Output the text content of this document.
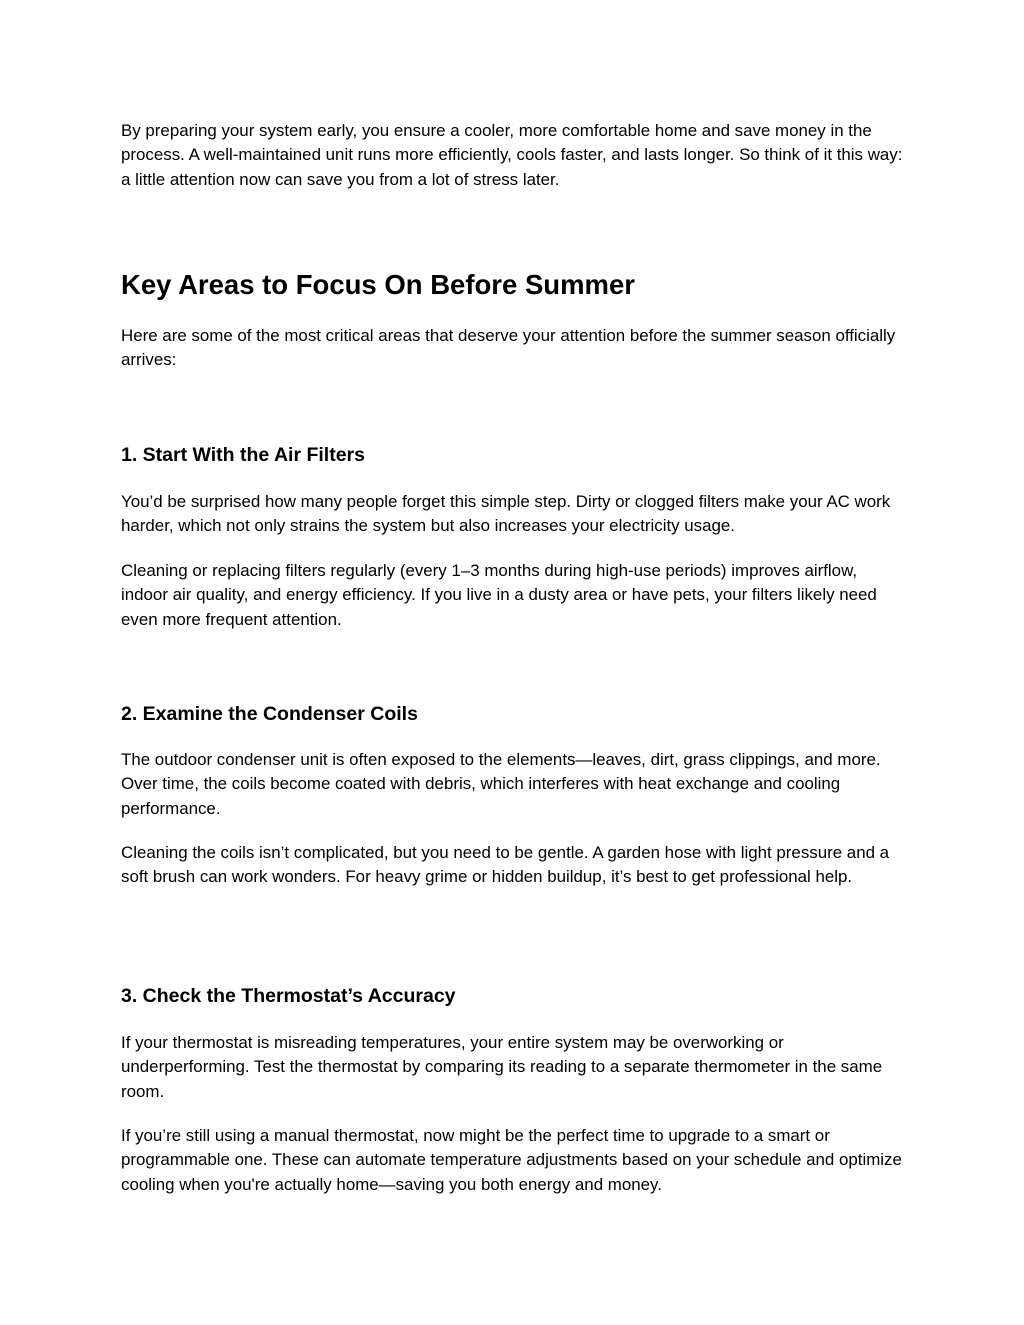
By preparing your system early, you ensure a cooler, more comfortable home and save money in the process. A well-maintained unit runs more efficiently, cools faster, and lasts longer. So think of it this way: a little attention now can save you from a lot of stress later.

Key Areas to Focus On Before Summer

Here are some of the most critical areas that deserve your attention before the summer season officially arrives:

1. Start With the Air Filters

You’d be surprised how many people forget this simple step. Dirty or clogged filters make your AC work harder, which not only strains the system but also increases your electricity usage.

Cleaning or replacing filters regularly (every 1–3 months during high-use periods) improves airflow, indoor air quality, and energy efficiency. If you live in a dusty area or have pets, your filters likely need even more frequent attention.

2. Examine the Condenser Coils

The outdoor condenser unit is often exposed to the elements—leaves, dirt, grass clippings, and more. Over time, the coils become coated with debris, which interferes with heat exchange and cooling performance.

Cleaning the coils isn’t complicated, but you need to be gentle. A garden hose with light pressure and a soft brush can work wonders. For heavy grime or hidden buildup, it’s best to get professional help.

3. Check the Thermostat’s Accuracy

If your thermostat is misreading temperatures, your entire system may be overworking or underperforming. Test the thermostat by comparing its reading to a separate thermometer in the same room.

If you’re still using a manual thermostat, now might be the perfect time to upgrade to a smart or programmable one. These can automate temperature adjustments based on your schedule and optimize cooling when you're actually home—saving you both energy and money.
